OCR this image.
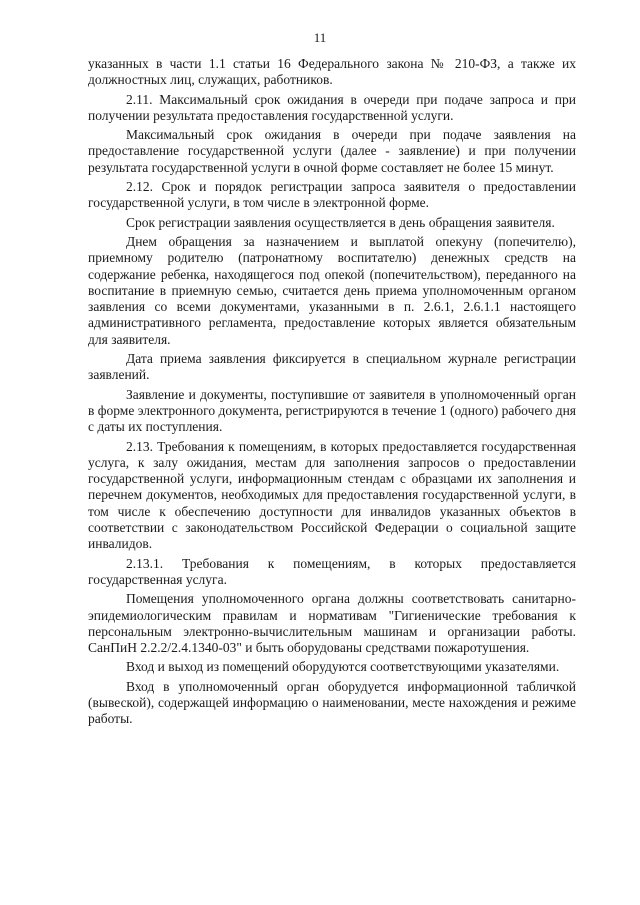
11

указанных в части 1.1 статьи 16 Федерального закона № 210-ФЗ, а также их должностных лиц, служащих, работников.

2.11. Максимальный срок ожидания в очереди при подаче запроса и при получении результата предоставления государственной услуги.

Максимальный срок ожидания в очереди при подаче заявления на предоставление государственной услуги (далее - заявление) и при получении результата государственной услуги в очной форме составляет не более 15 минут.

2.12. Срок и порядок регистрации запроса заявителя о предоставлении государственной услуги, в том числе в электронной форме.

Срок регистрации заявления осуществляется в день обращения заявителя.

Днем обращения за назначением и выплатой опекуну (попечителю), приемному родителю (патронатному воспитателю) денежных средств на содержание ребенка, находящегося под опекой (попечительством), переданного на воспитание в приемную семью, считается день приема уполномоченным органом заявления со всеми документами, указанными в п. 2.6.1, 2.6.1.1 настоящего административного регламента, предоставление которых является обязательным для заявителя.

Дата приема заявления фиксируется в специальном журнале регистрации заявлений.

Заявление и документы, поступившие от заявителя в уполномоченный орган в форме электронного документа, регистрируются в течение 1 (одного) рабочего дня с даты их поступления.

2.13. Требования к помещениям, в которых предоставляется государственная услуга, к залу ожидания, местам для заполнения запросов о предоставлении государственной услуги, информационным стендам с образцами их заполнения и перечнем документов, необходимых для предоставления государственной услуги, в том числе к обеспечению доступности для инвалидов указанных объектов в соответствии с законодательством Российской Федерации о социальной защите инвалидов.

2.13.1. Требования к помещениям, в которых предоставляется государственная услуга.

Помещения уполномоченного органа должны соответствовать санитарно-эпидемиологическим правилам и нормативам "Гигиенические требования к персональным электронно-вычислительным машинам и организации работы. СанПиН 2.2.2/2.4.1340-03" и быть оборудованы средствами пожаротушения.

Вход и выход из помещений оборудуются соответствующими указателями.

Вход в уполномоченный орган оборудуется информационной табличкой (вывеской), содержащей информацию о наименовании, месте нахождения и режиме работы.
